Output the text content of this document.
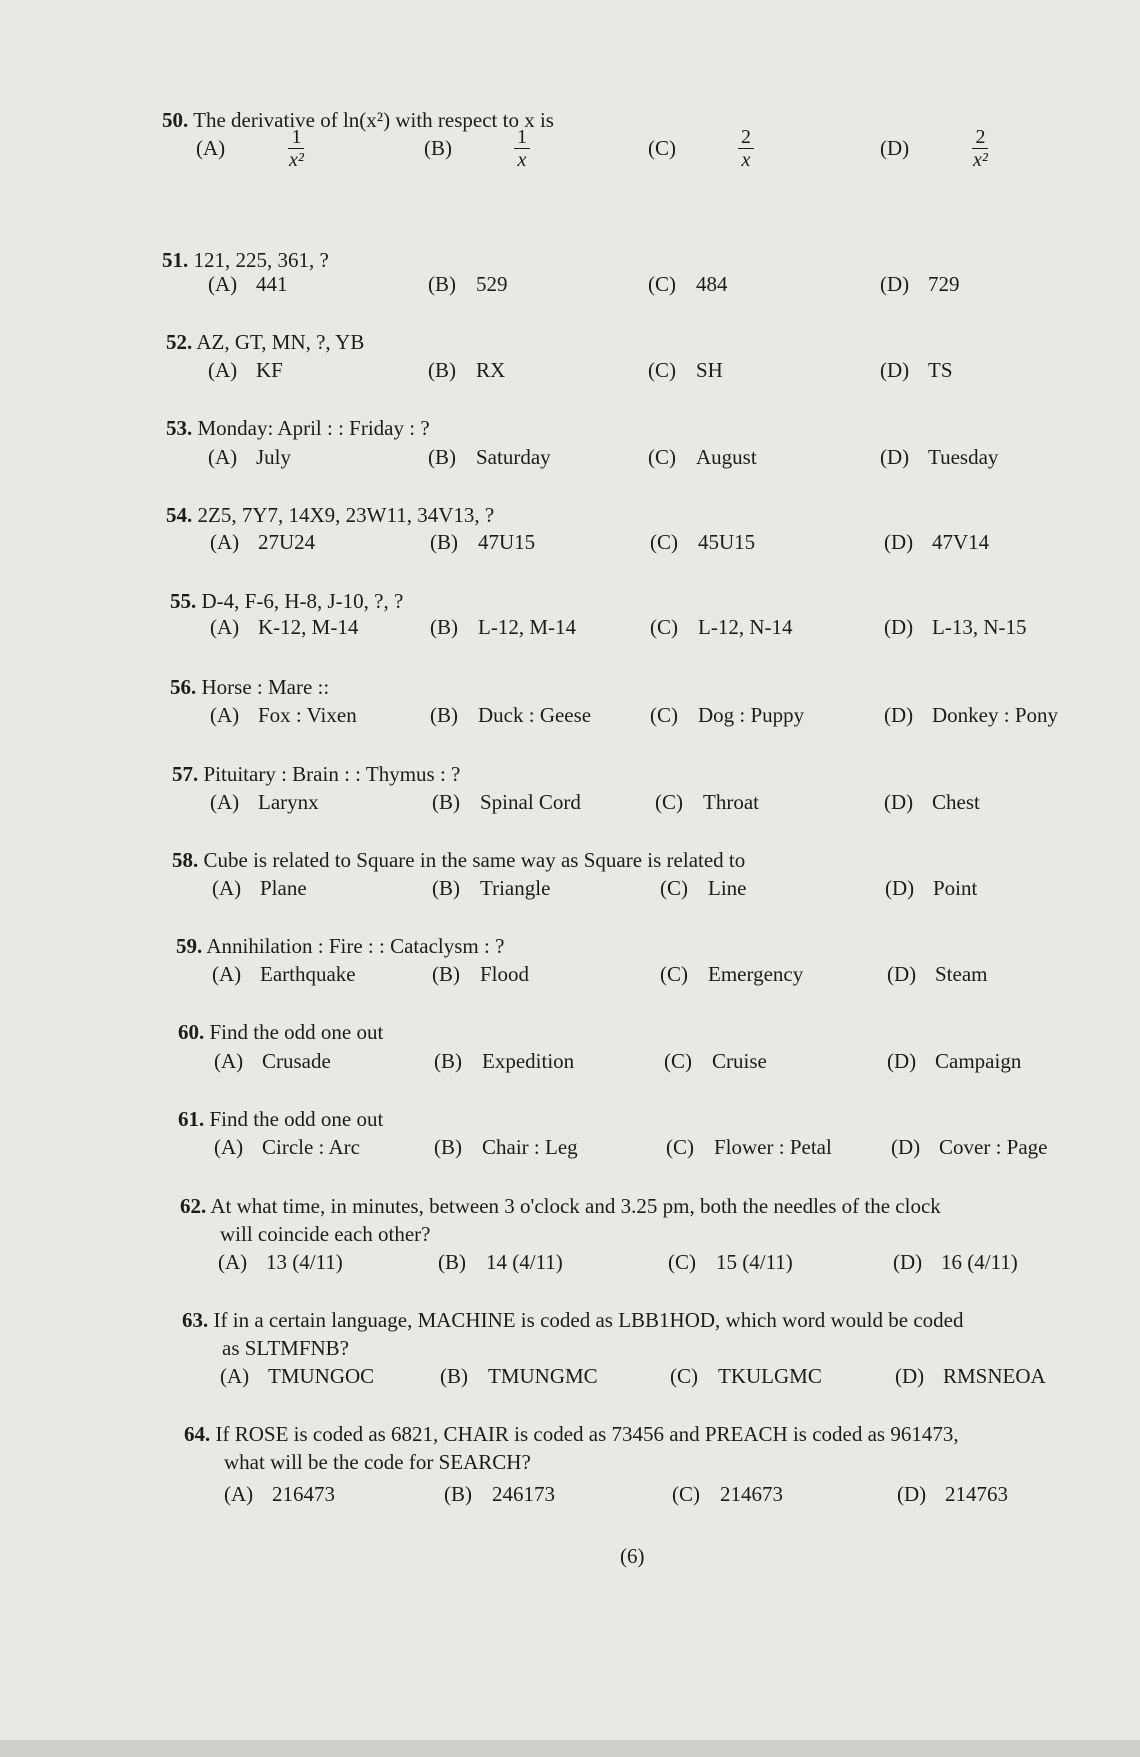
50. The derivative of ln(x²) with respect to x is
(A)	$\frac{1}{\text{x²}}$	(B)	$\frac{1}{x}$	(C)	$\frac{2}{x}$	(D)	$\frac{2}{\text{x²}}$
51. 121, 225, 361, ?
(A) 441	(B) 529	(C) 484	(D) 729
52. AZ, GT, MN, ?, YB
(A) KF	(B) RX	(C) SH	(D) TS
53. Monday: April : : Friday : ?
(A) July	(B) Saturday	(C) August	(D) Tuesday
54. 2Z5, 7Y7, 14X9, 23W11, 34V13, ?
(A) 27U24	(B) 47U15	(C) 45U15	(D) 47V14
55. D-4, F-6, H-8, J-10, ?, ?
(A) K-12, M-14	(B) L-12, M-14	(C) L-12, N-14	(D) L-13, N-15
56. Horse : Mare ::
(A) Fox : Vixen	(B) Duck : Geese	(C) Dog : Puppy	(D) Donkey : Pony
57. Pituitary : Brain : : Thymus : ?
(A) Larynx	(B) Spinal Cord	(C) Throat	(D) Chest
58. Cube is related to Square in the same way as Square is related to
(A) Plane	(B) Triangle	(C) Line	(D) Point
59. Annihilation : Fire : : Cataclysm : ?
(A) Earthquake	(B) Flood	(C) Emergency	(D) Steam
60. Find the odd one out
(A) Crusade	(B) Expedition	(C) Cruise	(D) Campaign
61. Find the odd one out
(A) Circle : Arc	(B) Chair : Leg	(C) Flower : Petal	(D) Cover : Page
62. At what time, in minutes, between 3 o'clock and 3.25 pm, both the needles of the clock
will coincide each other?
(A) 13 (4/11)	(B) 14 (4/11)	(C) 15 (4/11)	(D) 16 (4/11)
63. If in a certain language, MACHINE is coded as LBB1HOD, which word would be coded
as SLTMFNB?
(A) TMUNGOC	(B) TMUNGMC	(C) TKULGMC	(D) RMSNEOA
64. If ROSE is coded as 6821, CHAIR is coded as 73456 and PREACH is coded as 961473,
what will be the code for SEARCH?
(A) 216473	(B) 246173	(C) 214673	(D) 214763
(6)
